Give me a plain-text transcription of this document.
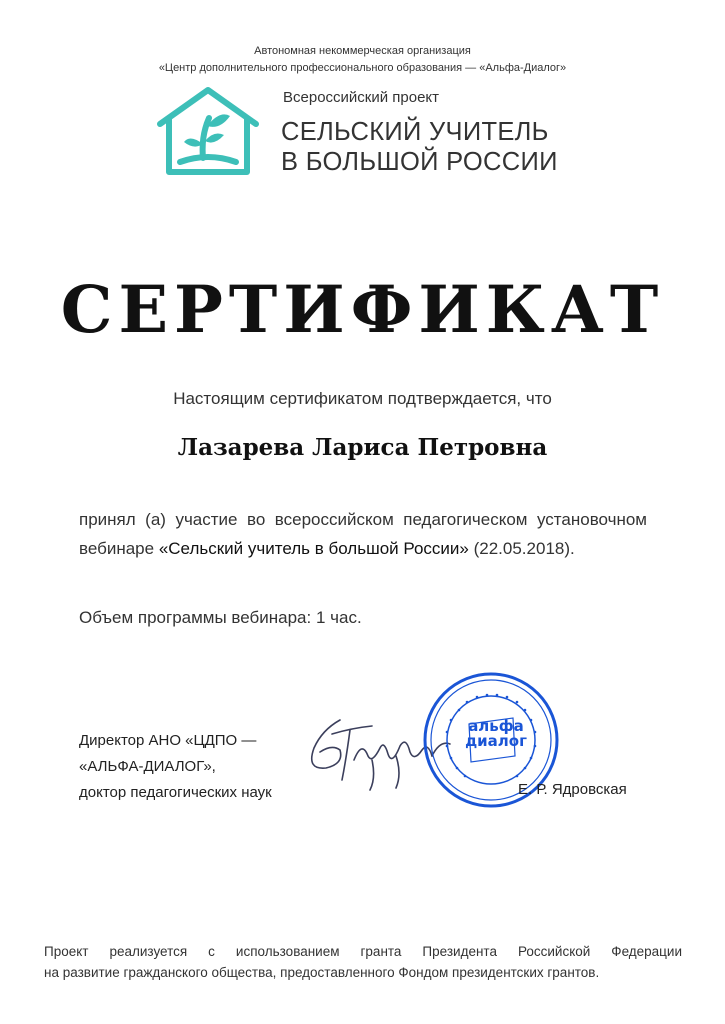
Автономная некоммерческая организация
«Центр дополнительного профессионального образования — «Альфа-Диалог»
Всероссийский проект
СЕЛЬСКИЙ УЧИТЕЛЬ
В БОЛЬШОЙ РОССИИ
СЕРТИФИКАТ
Настоящим сертификатом подтверждается, что
Лазарева Лариса Петровна
принял (а) участие во всероссийском педагогическом установочном вебинаре «Сельский учитель в большой России» (22.05.2018).
Объем программы вебинара: 1 час.
Директор АНО «ЦДПО —
«АЛЬФА-ДИАЛОГ»,
доктор педагогических наук
альфа
диалог
Е. Р. Ядровская
Проект реализуется с использованием гранта Президента Российской Федерации
на развитие гражданского общества, предоставленного Фондом президентских грантов.
